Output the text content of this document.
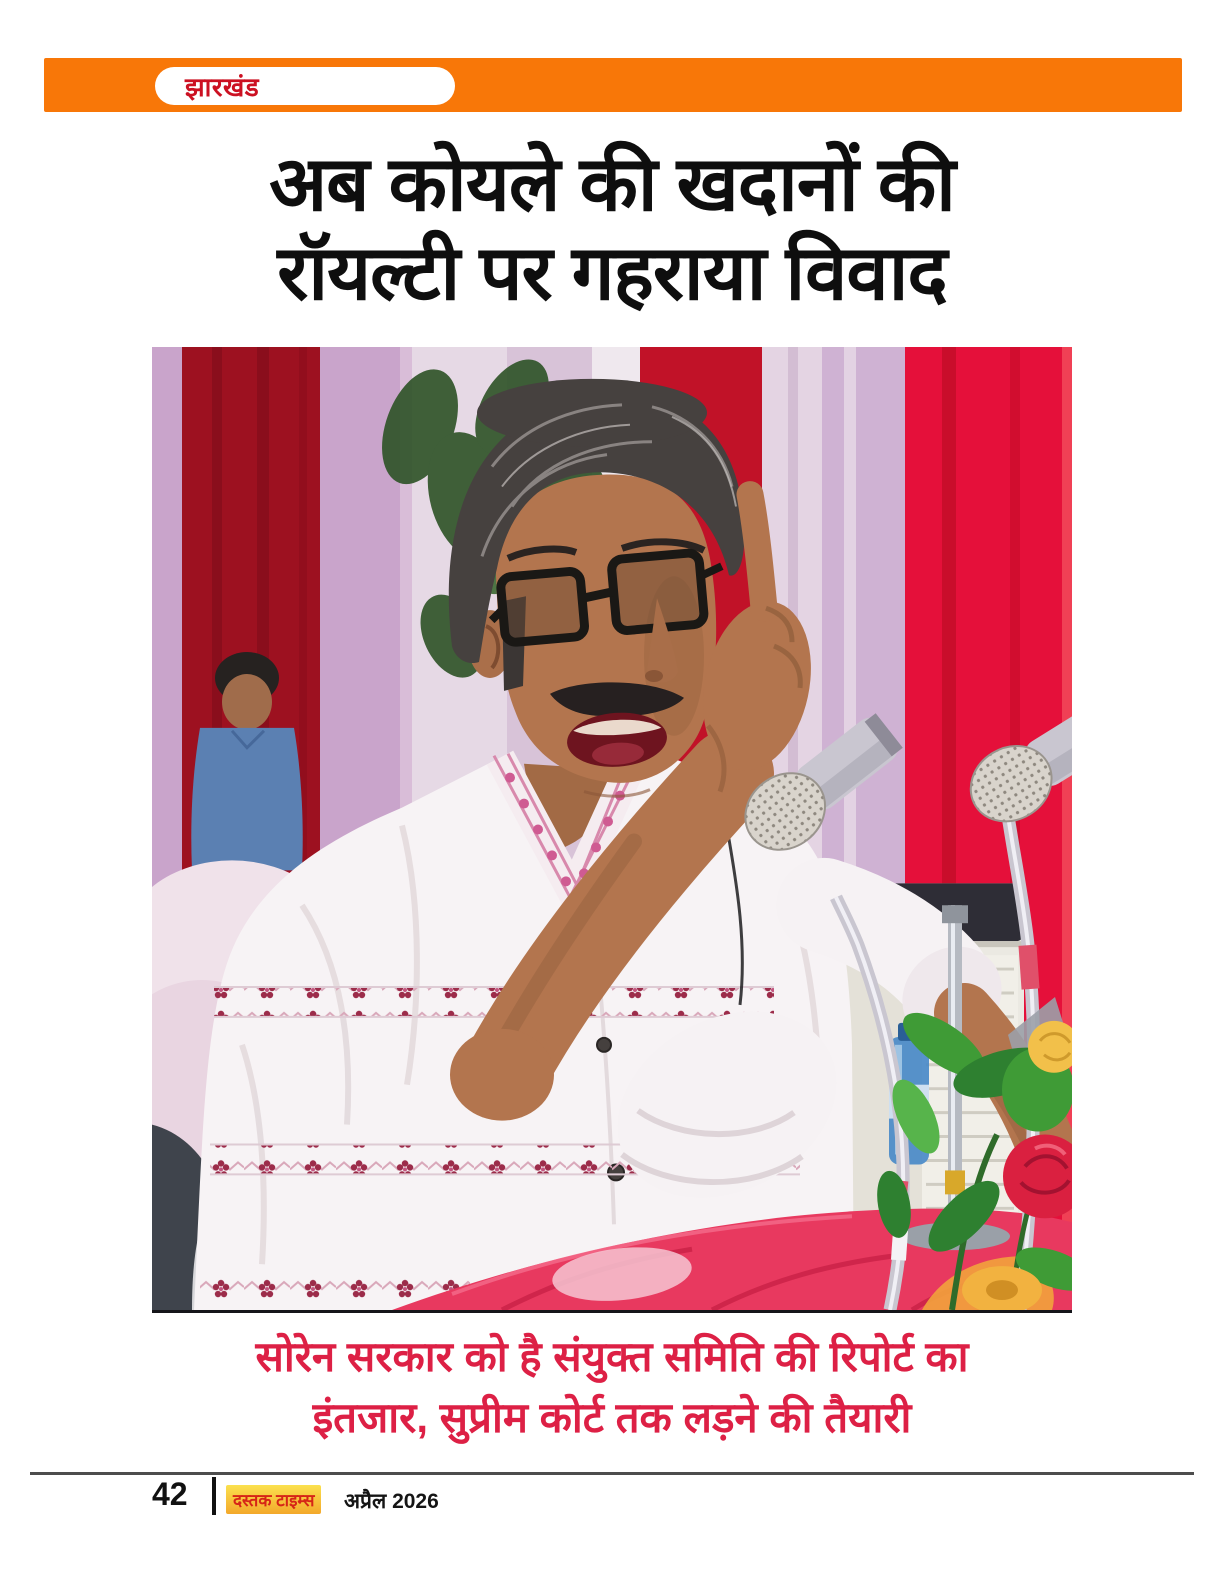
झारखंड
अब कोयले की खदानों की
रॉयल्टी पर गहराया विवाद
सोरेन सरकार को है संयुक्त समिति की रिपोर्ट का
इंतजार, सुप्रीम कोर्ट तक लड़ने की तैयारी
42	दस्तक टाइम्स	अप्रैल 2026
